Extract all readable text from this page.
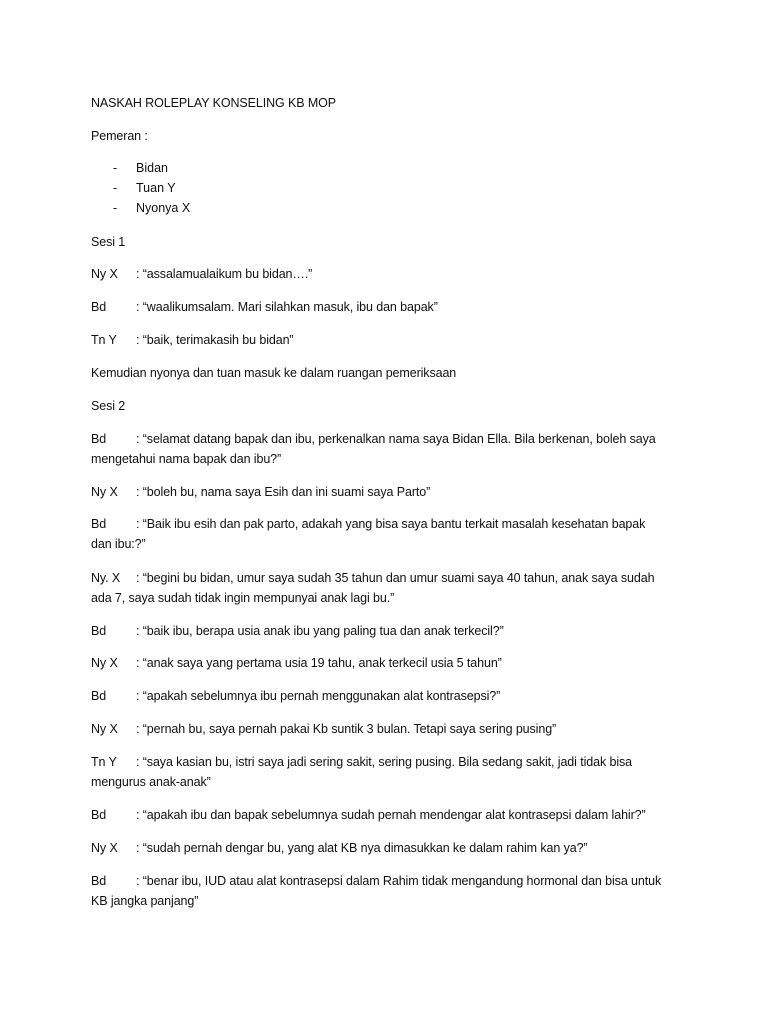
NASKAH ROLEPLAY KONSELING KB MOP
Pemeran :
- Bidan
- Tuan Y
- Nyonya X
Sesi 1
Ny X : “assalamualaikum bu bidan….”
Bd : “waalikumsalam. Mari silahkan masuk, ibu dan bapak”
Tn Y : “baik, terimakasih bu bidan”
Kemudian nyonya dan tuan masuk ke dalam ruangan pemeriksaan
Sesi 2
Bd : “selamat datang bapak dan ibu, perkenalkan nama saya Bidan Ella. Bila berkenan, boleh saya
mengetahui nama bapak dan ibu?”
Ny X : “boleh bu, nama saya Esih dan ini suami saya Parto”
Bd : “Baik ibu esih dan pak parto, adakah yang bisa saya bantu terkait masalah kesehatan bapak
dan ibu:?”
Ny. X : “begini bu bidan, umur saya sudah 35 tahun dan umur suami saya 40 tahun, anak saya sudah
ada 7, saya sudah tidak ingin mempunyai anak lagi bu.”
Bd : “baik ibu, berapa usia anak ibu yang paling tua dan anak terkecil?”
Ny X : “anak saya yang pertama usia 19 tahu, anak terkecil usia 5 tahun”
Bd : “apakah sebelumnya ibu pernah menggunakan alat kontrasepsi?”
Ny X : “pernah bu, saya pernah pakai Kb suntik 3 bulan. Tetapi saya sering pusing”
Tn Y : “saya kasian bu, istri saya jadi sering sakit, sering pusing. Bila sedang sakit, jadi tidak bisa
mengurus anak-anak”
Bd : “apakah ibu dan bapak sebelumnya sudah pernah mendengar alat kontrasepsi dalam lahir?”
Ny X : “sudah pernah dengar bu, yang alat KB nya dimasukkan ke dalam rahim kan ya?”
Bd : “benar ibu, IUD atau alat kontrasepsi dalam Rahim tidak mengandung hormonal dan bisa untuk
KB jangka panjang”
